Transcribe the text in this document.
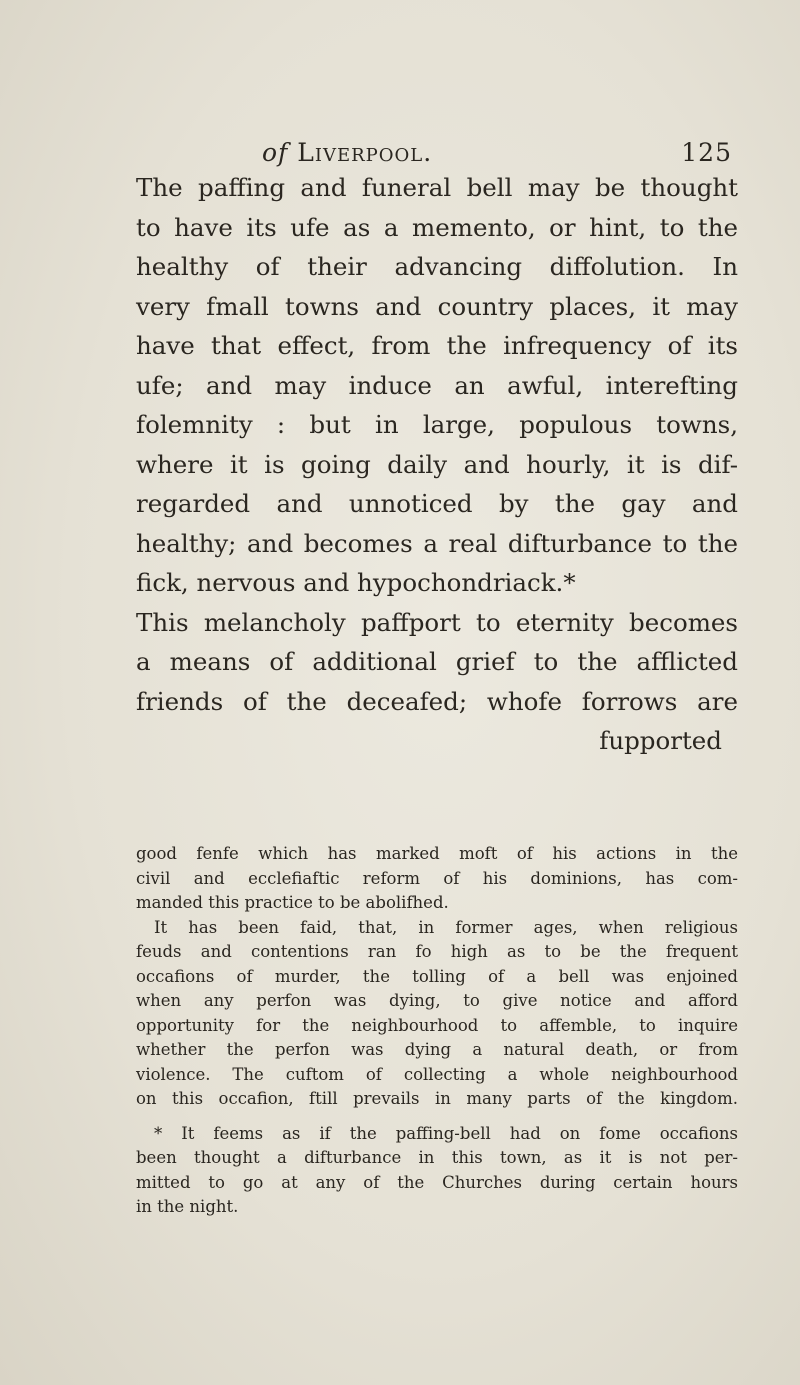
of Liverpool.	125
The paffing and funeral bell may be thought
to have its ufe as a memento, or hint, to the
healthy of their advancing diffolution. In
very fmall towns and country places, it may
have that effect, from the infrequency of its
ufe; and may induce an awful, interefting
folemnity : but in large, populous towns,
where it is going daily and hourly, it is dif-
regarded and unnoticed by the gay and
healthy; and becomes a real difturbance to the
fick, nervous and hypochondriack.*
This melancholy paffport to eternity becomes
a means of additional grief to the afflicted
friends of the deceafed; whofe forrows are
fupported
good fenfe which has marked moft of his actions in the
civil and ecclefiaftic reform of his dominions, has com-
manded this practice to be abolifhed.
It has been faid, that, in former ages, when religious
feuds and contentions ran fo high as to be the frequent
occafions of murder, the tolling of a bell was enjoined
when any perfon was dying, to give notice and afford
opportunity for the neighbourhood to affemble, to inquire
whether the perfon was dying a natural death, or from
violence. The cuftom of collecting a whole neighbourhood
on this occafion, ftill prevails in many parts of the kingdom.
* It feems as if the paffing-bell had on fome occafions
been thought a difturbance in this town, as it is not per-
mitted to go at any of the Churches during certain hours
in the night.
